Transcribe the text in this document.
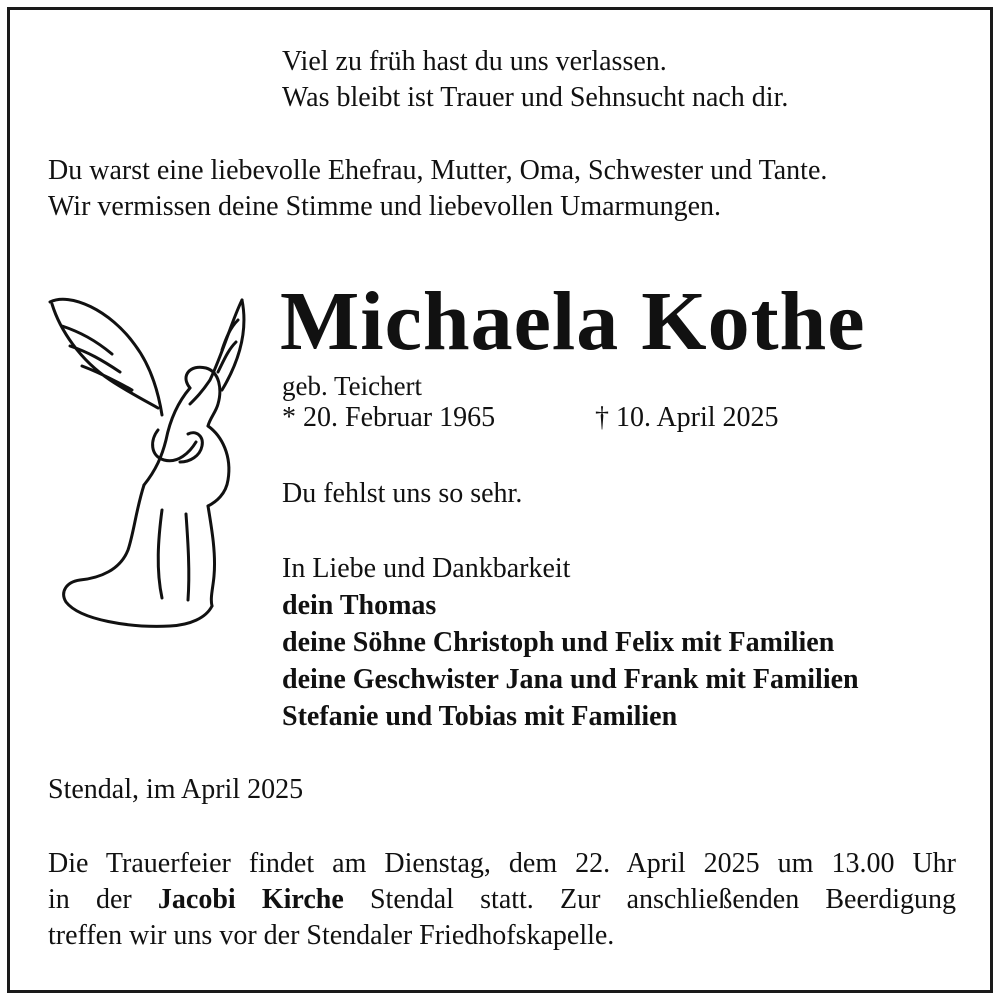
Viel zu früh hast du uns verlassen.
Was bleibt ist Trauer und Sehnsucht nach dir.
Du warst eine liebevolle Ehefrau, Mutter, Oma, Schwester und Tante.
Wir vermissen deine Stimme und liebevollen Umarmungen.
Michaela Kothe
geb. Teichert
* 20. Februar 1965	† 10. April 2025
Du fehlst uns so sehr.
In Liebe und Dankbarkeit
dein Thomas
deine Söhne Christoph und Felix mit Familien
deine Geschwister Jana und Frank mit Familien
Stefanie und Tobias mit Familien
Stendal, im April 2025
Die Trauerfeier findet am Dienstag, dem 22. April 2025 um 13.00 Uhr
in der Jacobi Kirche Stendal statt. Zur anschließenden Beerdigung
treffen wir uns vor der Stendaler Friedhofskapelle.
